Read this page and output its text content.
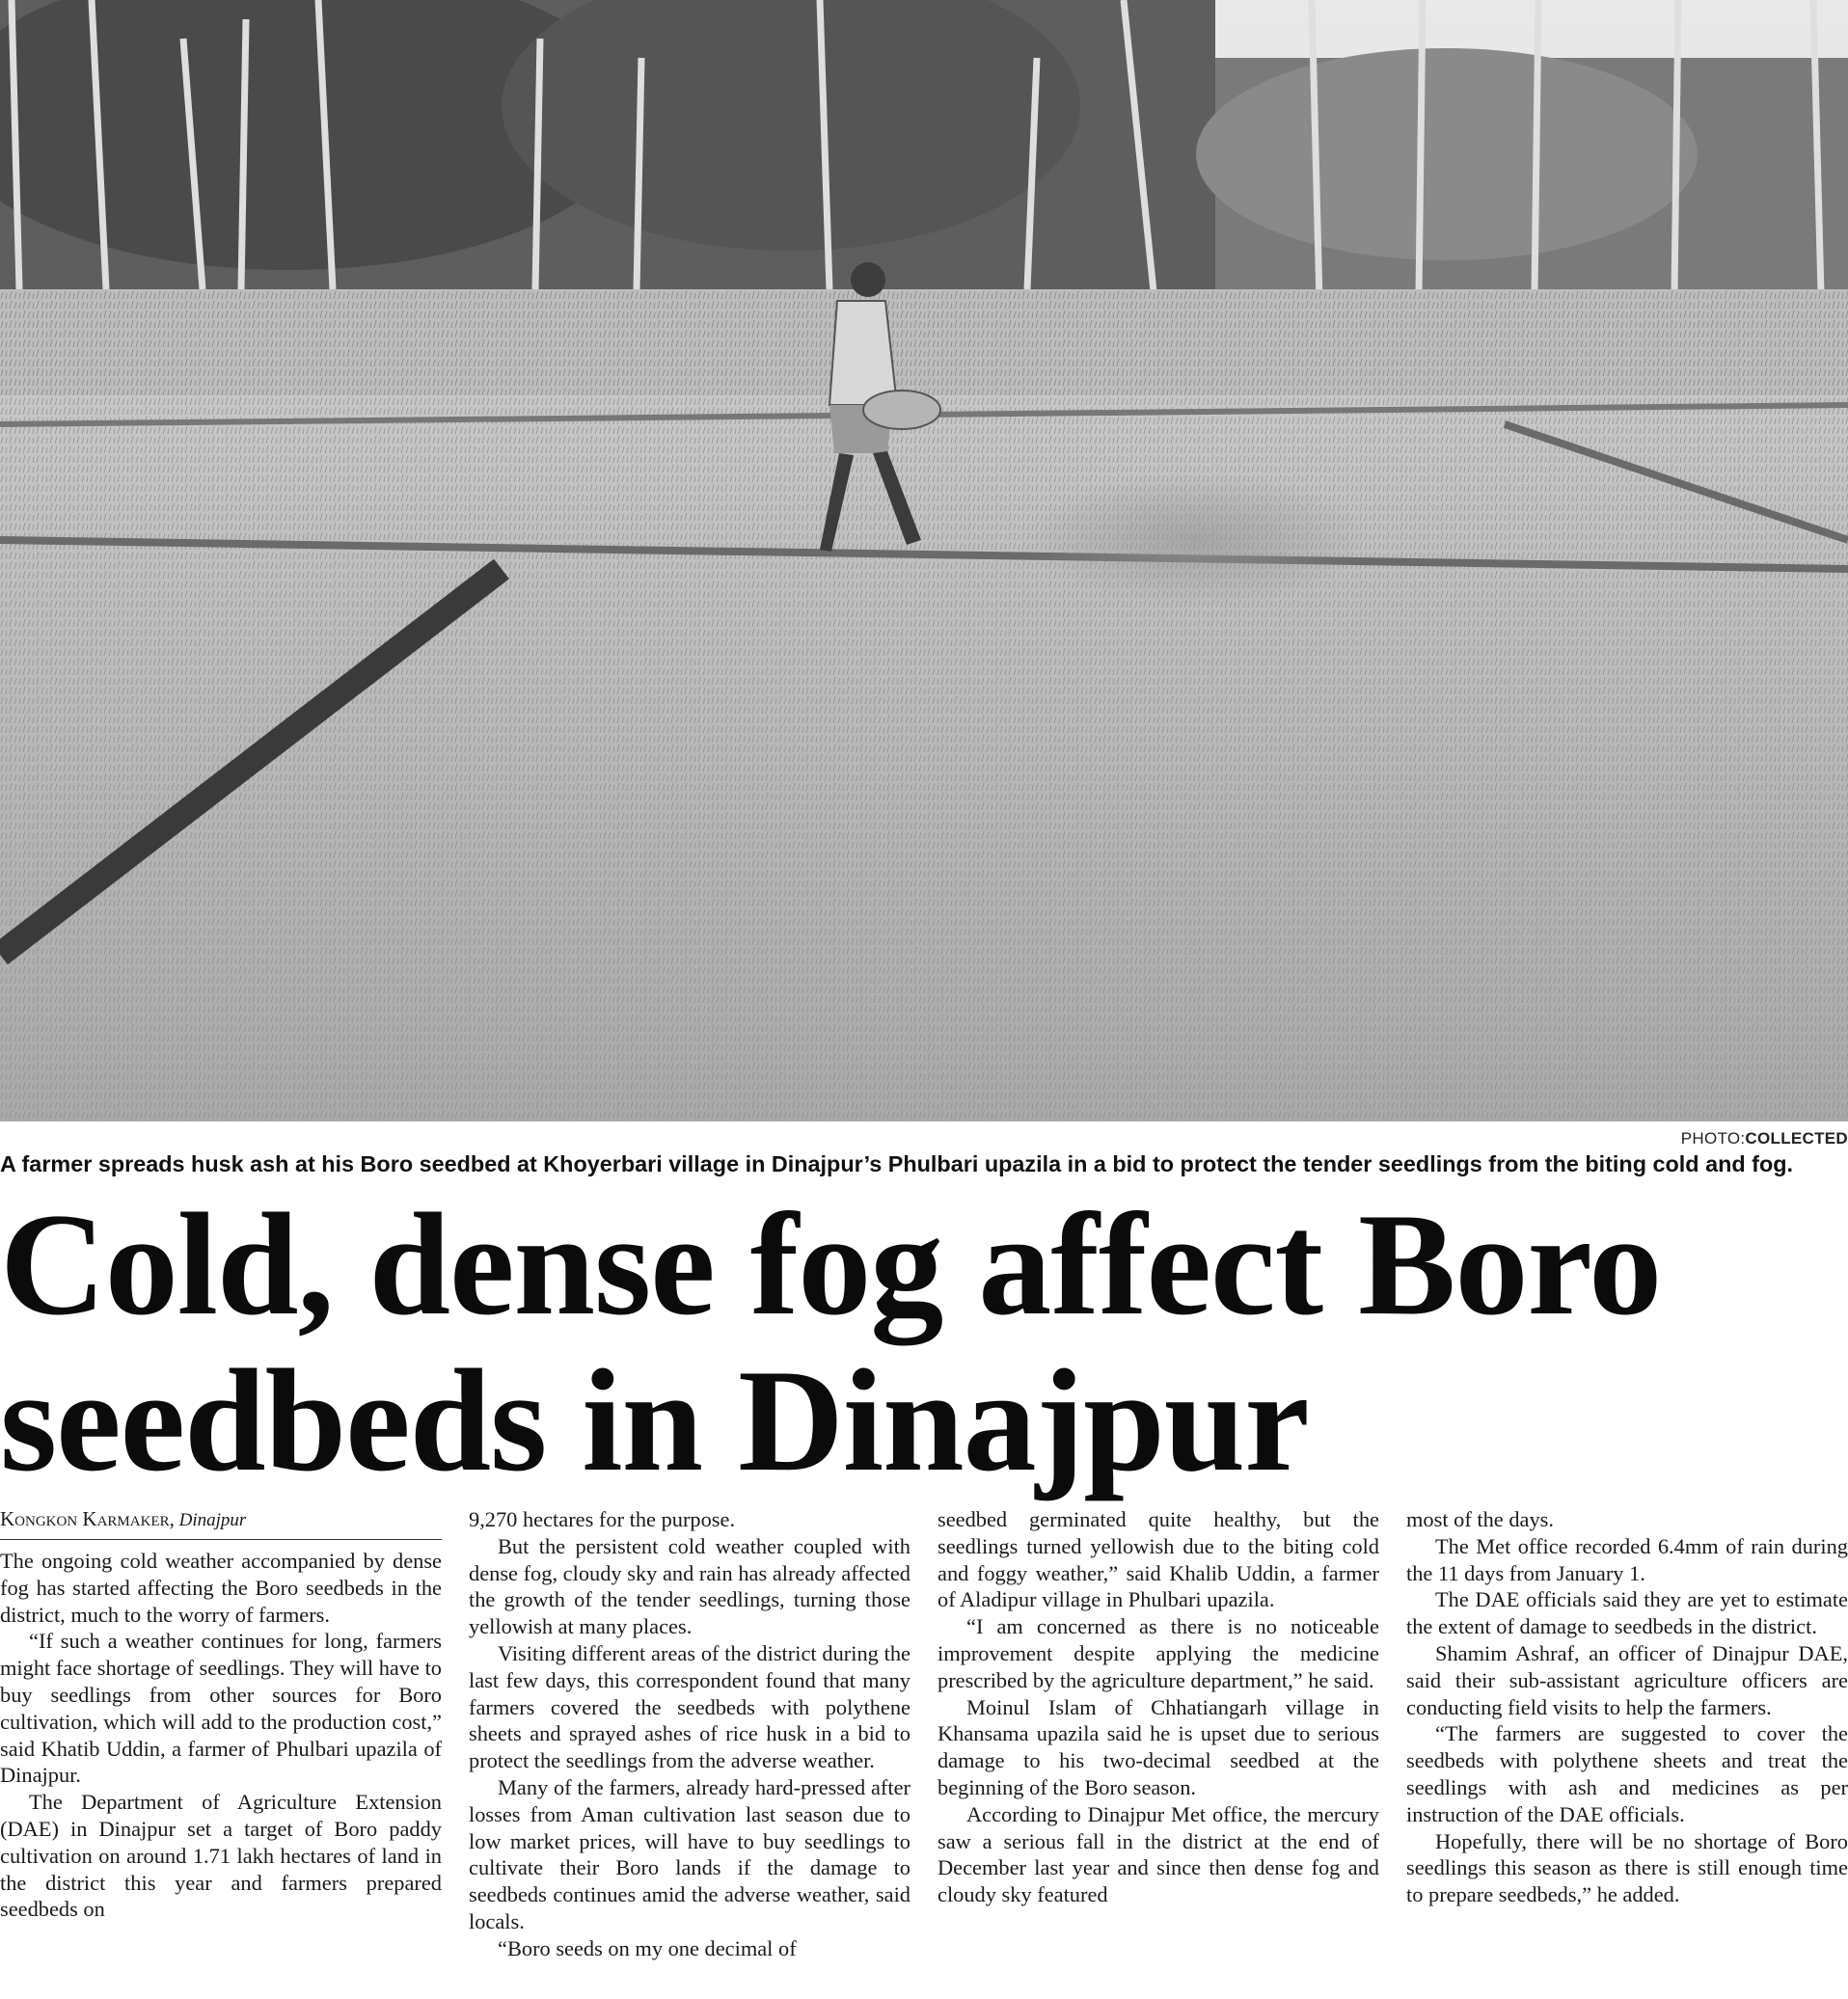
PHOTO:COLLECTED
A farmer spreads husk ash at his Boro seedbed at Khoyerbari village in Dinajpur’s Phulbari upazila in a bid to protect the tender seedlings from the biting cold and fog.
Cold, dense fog affect Boro
seedbeds in Dinajpur
Kongkon Karmaker, Dinajpur

The ongoing cold weather accompanied by dense fog has started affecting the Boro seedbeds in the district, much to the worry of farmers.

“If such a weather continues for long, farmers might face shortage of seedlings. They will have to buy seedlings from other sources for Boro cultivation, which will add to the production cost,” said Khatib Uddin, a farmer of Phulbari upazila of Dinajpur.

The Department of Agriculture Extension (DAE) in Dinajpur set a target of Boro paddy cultivation on around 1.71 lakh hectares of land in the district this year and farmers prepared seedbeds on

9,270 hectares for the purpose.

But the persistent cold weather coupled with dense fog, cloudy sky and rain has already affected the growth of the tender seedlings, turning those yellowish at many places.

Visiting different areas of the district during the last few days, this correspondent found that many farmers covered the seedbeds with polythene sheets and sprayed ashes of rice husk in a bid to protect the seedlings from the adverse weather.

Many of the farmers, already hard-pressed after losses from Aman cultivation last season due to low market prices, will have to buy seedlings to cultivate their Boro lands if the damage to seedbeds continues amid the adverse weather, said locals.

“Boro seeds on my one decimal of

seedbed germinated quite healthy, but the seedlings turned yellowish due to the biting cold and foggy weather,” said Khalib Uddin, a farmer of Aladipur village in Phulbari upazila.

“I am concerned as there is no noticeable improvement despite applying the medicine prescribed by the agriculture department,” he said.

Moinul Islam of Chhatiangarh village in Khansama upazila said he is upset due to serious damage to his two-decimal seedbed at the beginning of the Boro season.

According to Dinajpur Met office, the mercury saw a serious fall in the district at the end of December last year and since then dense fog and cloudy sky featured

most of the days.

The Met office recorded 6.4mm of rain during the 11 days from January 1.

The DAE officials said they are yet to estimate the extent of damage to seedbeds in the district.

Shamim Ashraf, an officer of Dinajpur DAE, said their sub-assistant agriculture officers are conducting field visits to help the farmers.

“The farmers are suggested to cover the seedbeds with polythene sheets and treat the seedlings with ash and medicines as per instruction of the DAE officials.

Hopefully, there will be no shortage of Boro seedlings this season as there is still enough time to prepare seedbeds,” he added.
